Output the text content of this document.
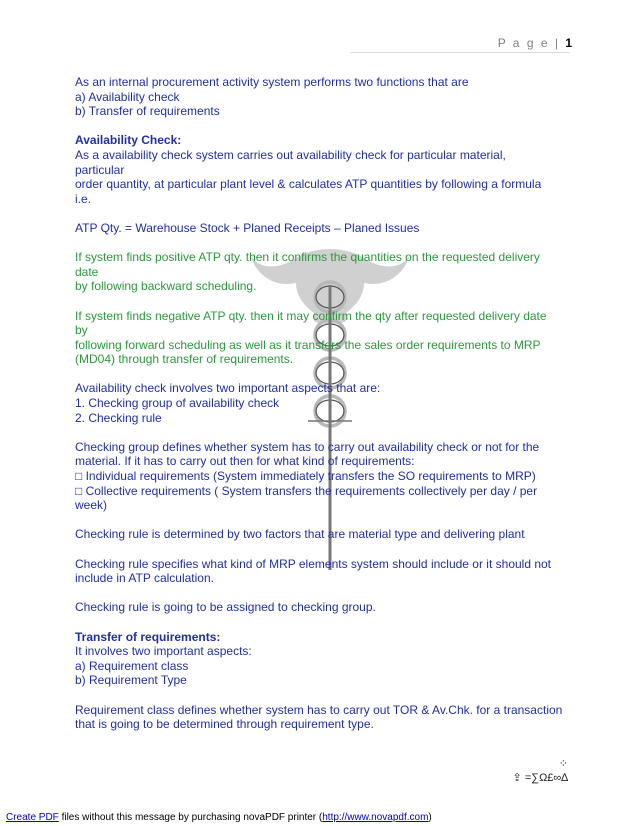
P a g e | 1

As an internal procurement activity system performs two functions that are
a) Availability check
b) Transfer of requirements

Availability Check:
As a availability check system carries out availability check for particular material,
particular
order quantity, at particular plant level & calculates ATP quantities by following a formula
i.e.

ATP Qty. = Warehouse Stock + Planed Receipts – Planed Issues

If system finds positive ATP qty. then it confirms the quantities on the requested delivery
date
by following backward scheduling.

If system finds negative ATP qty. then it may confirm the qty after requested delivery date
by
following forward scheduling as well as it transfers the sales order requirements to MRP
(MD04) through transfer of requirements.

Availability check involves two important aspects that are:
1. Checking group of availability check
2. Checking rule

Checking group defines whether system has to carry out availability check or not for the
material. If it has to carry out then for what kind of requirements:
□ Individual requirements (System immediately transfers the SO requirements to MRP)
□ Collective requirements ( System transfers the requirements collectively per day / per
week)

Checking rule is determined by two factors that are material type and delivering plant

Checking rule specifies what kind of MRP elements system should include or it should not
include in ATP calculation.

Checking rule is going to be assigned to checking group.

Transfer of requirements:
It involves two important aspects:
a) Requirement class
b) Requirement Type

Requirement class defines whether system has to carry out TOR & Av.Chk. for a transaction
that is going to be determined through requirement type.

⁘
⇪ =∑Ω£∞∆
Create PDF files without this message by purchasing novaPDF printer (http://www.novapdf.com)
